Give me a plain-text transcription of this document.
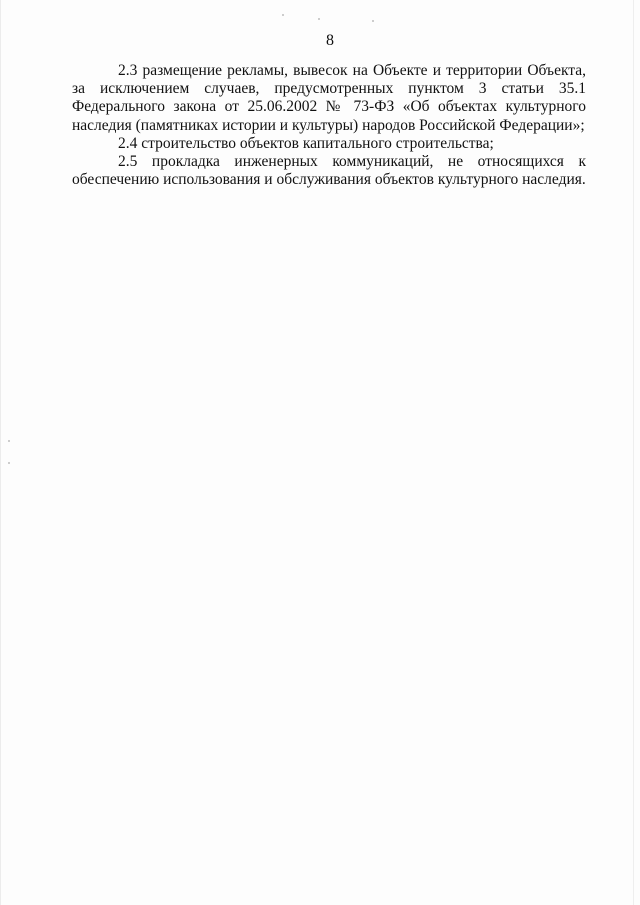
8

2.3 размещение рекламы, вывесок на Объекте и территории Объекта, за исключением случаев, предусмотренных пунктом 3 статьи 35.1 Федерального закона от 25.06.2002 № 73-ФЗ «Об объектах культурного наследия (памятниках истории и культуры) народов Российской Федерации»;

2.4 строительство объектов капитального строительства;

2.5 прокладка инженерных коммуникаций, не относящихся к обеспечению использования и обслуживания объектов культурного наследия.
